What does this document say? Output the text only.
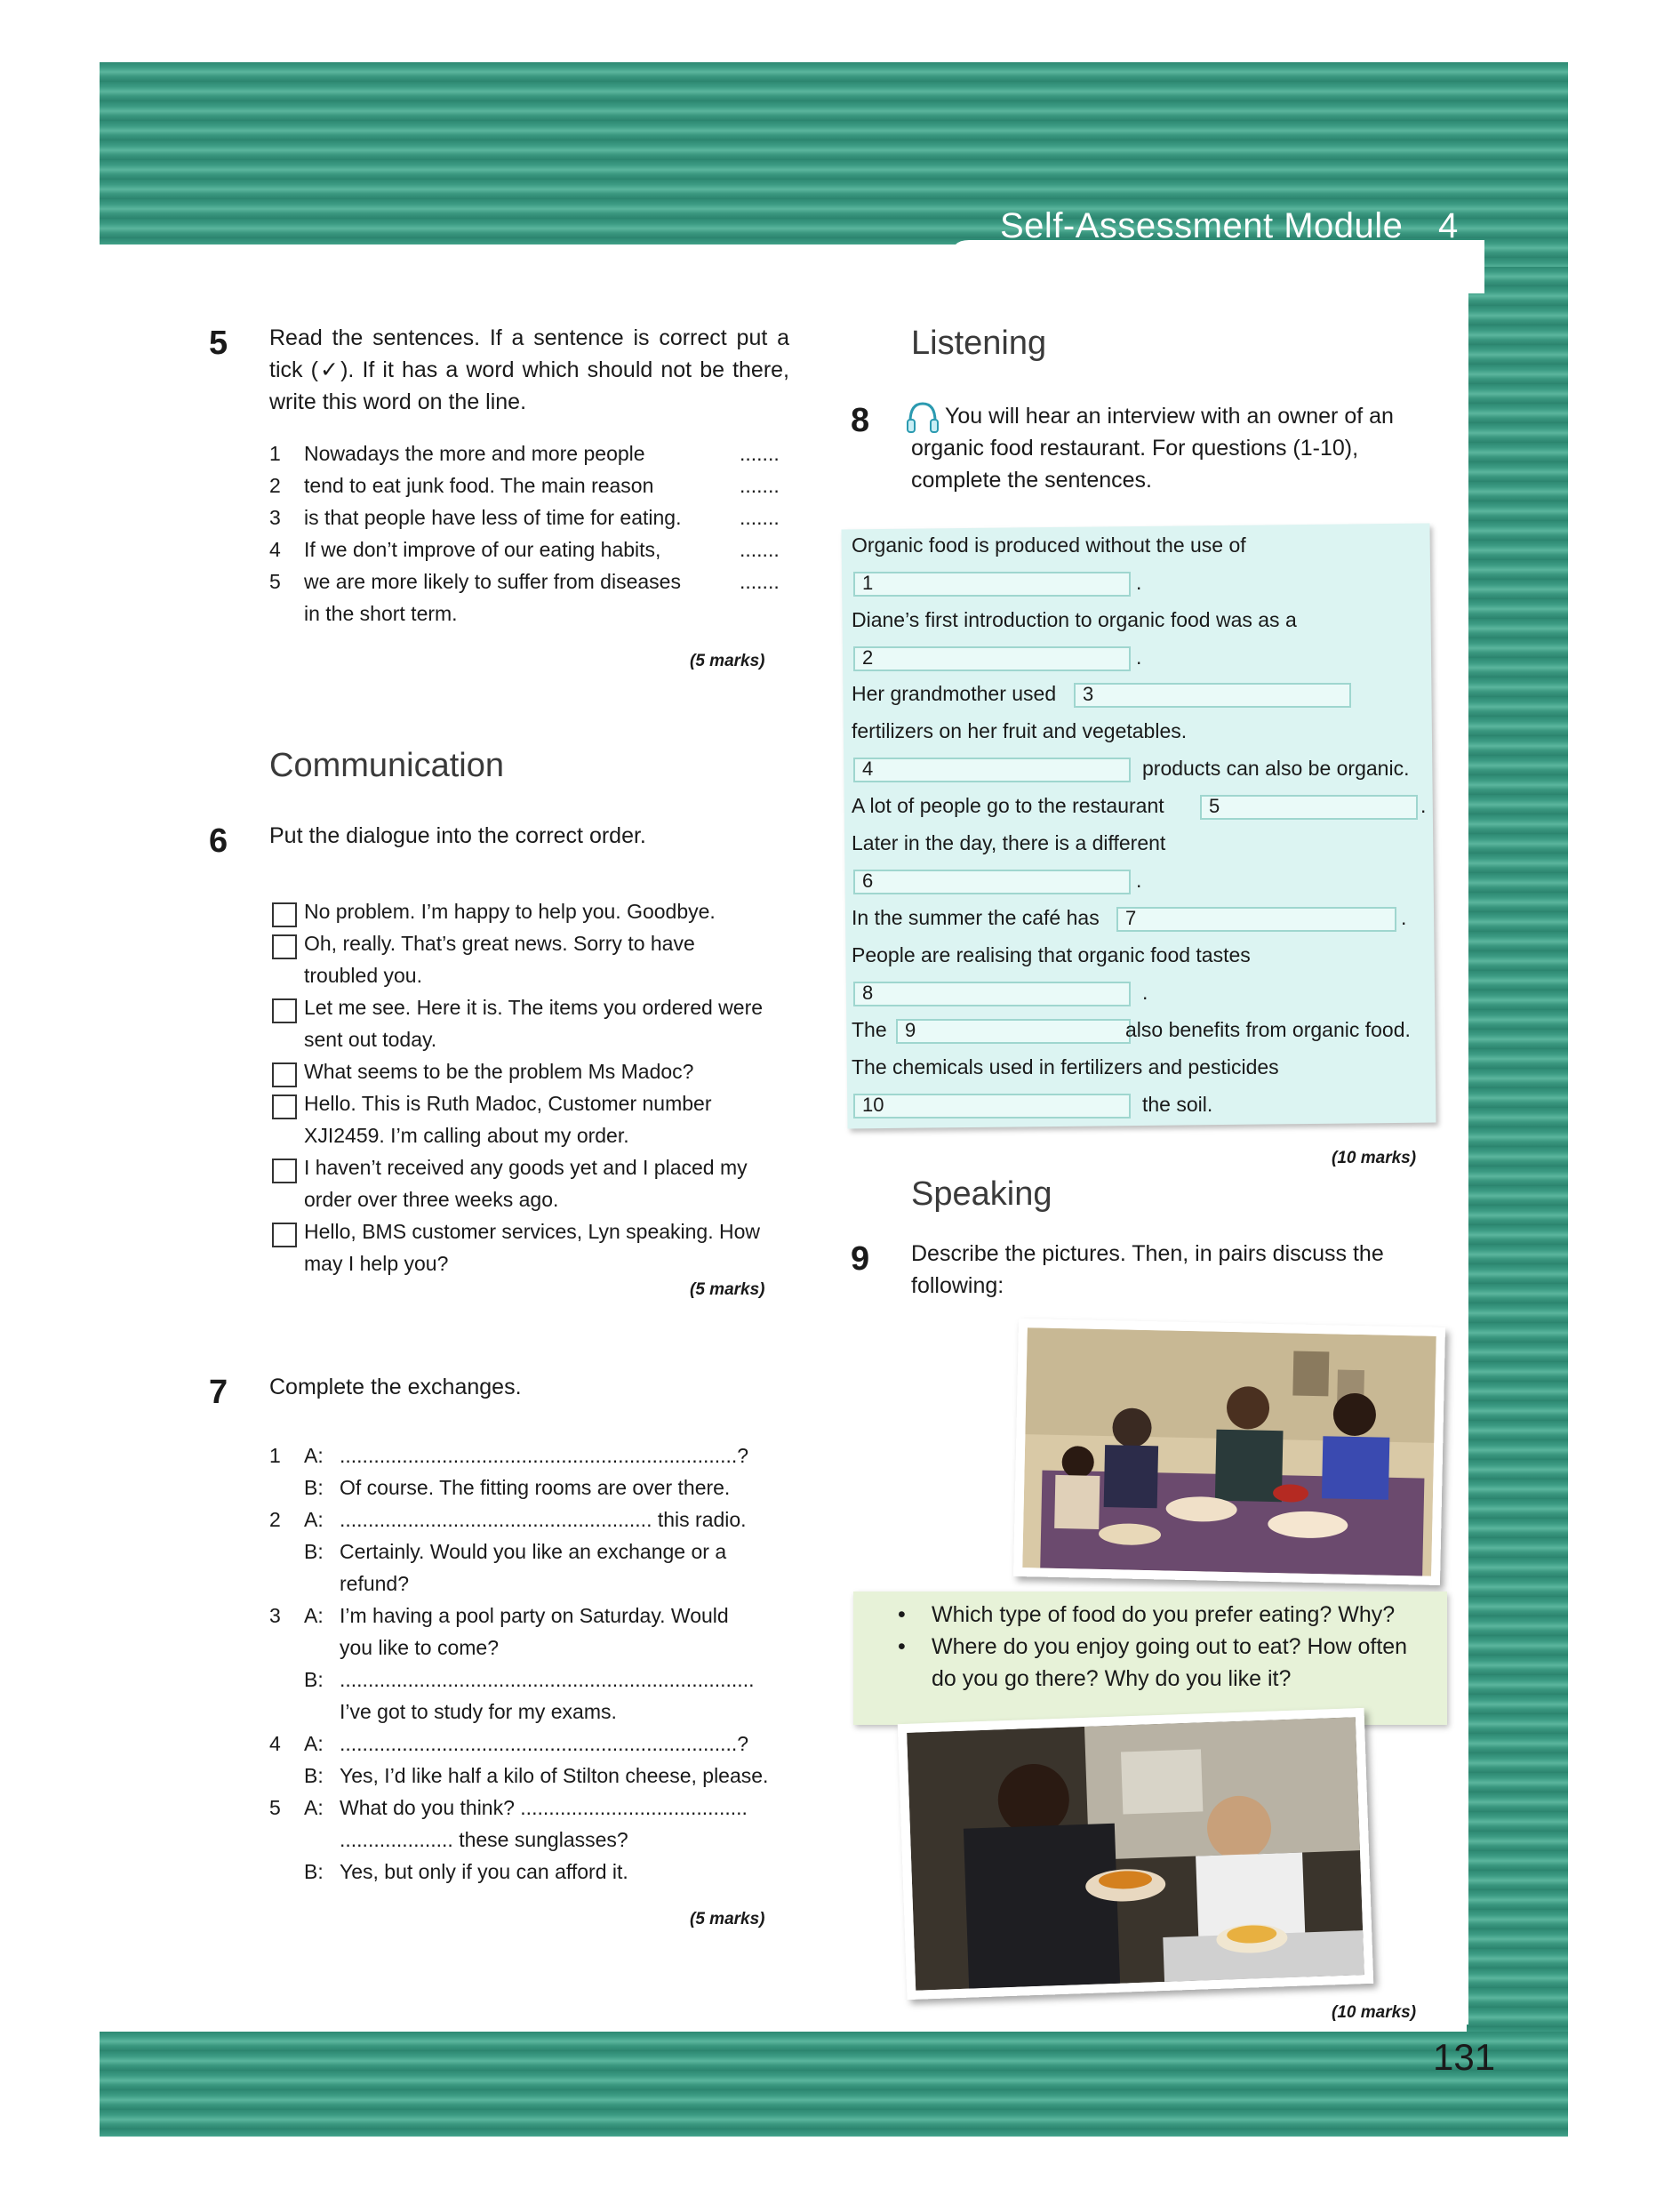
Self-Assessment Module 4
5 Read the sentences. If a sentence is correct put a tick (✓). If it has a word which should not be there, write this word on the line.
1 Nowadays the more and more people	.......
2 tend to eat junk food. The main reason	.......
3 is that people have less of time for eating.	.......
4 If we don’t improve of our eating habits,	.......
5 we are more likely to suffer from diseases	.......
in the short term.
(5 marks)
Communication
6 Put the dialogue into the correct order.
No problem. I’m happy to help you. Goodbye.
Oh, really. That’s great news. Sorry to have
troubled you.
Let me see. Here it is. The items you ordered were
sent out today.
What seems to be the problem Ms Madoc?
Hello. This is Ruth Madoc, Customer number
XJI2459. I’m calling about my order.
I haven’t received any goods yet and I placed my
order over three weeks ago.
Hello, BMS customer services, Lyn speaking. How
may I help you?
(5 marks)
7 Complete the exchanges.
1 A: ......................................................................?
B: Of course. The fitting rooms are over there.
2 A: ....................................................... this radio.
B: Certainly. Would you like an exchange or a
refund?
3 A: I’m having a pool party on Saturday. Would
you like to come?
B: .........................................................................
I’ve got to study for my exams.
4 A: ......................................................................?
B: Yes, I’d like half a kilo of Stilton cheese, please.
5 A: What do you think? ........................................
.................... these sunglasses?
B: Yes, but only if you can afford it.
(5 marks)
Listening
8	You will hear an interview with an owner of an organic food restaurant. For questions (1-10), complete the sentences.
Organic food is produced without the use of
1	.
Diane’s first introduction to organic food was as a
2	.
Her grandmother used 3
fertilizers on her fruit and vegetables.
4	products can also be organic.
A lot of people go to the restaurant 5	.
Later in the day, there is a different
6	.
In the summer the café has 7	.
People are realising that organic food tastes
8	.
The 9	also benefits from organic food.
The chemicals used in fertilizers and pesticides
10	the soil.
(10 marks)
Speaking
9 Describe the pictures. Then, in pairs discuss the following:
• Which type of food do you prefer eating? Why?
• Where do you enjoy going out to eat? How often
do you go there? Why do you like it?
(10 marks)
131
